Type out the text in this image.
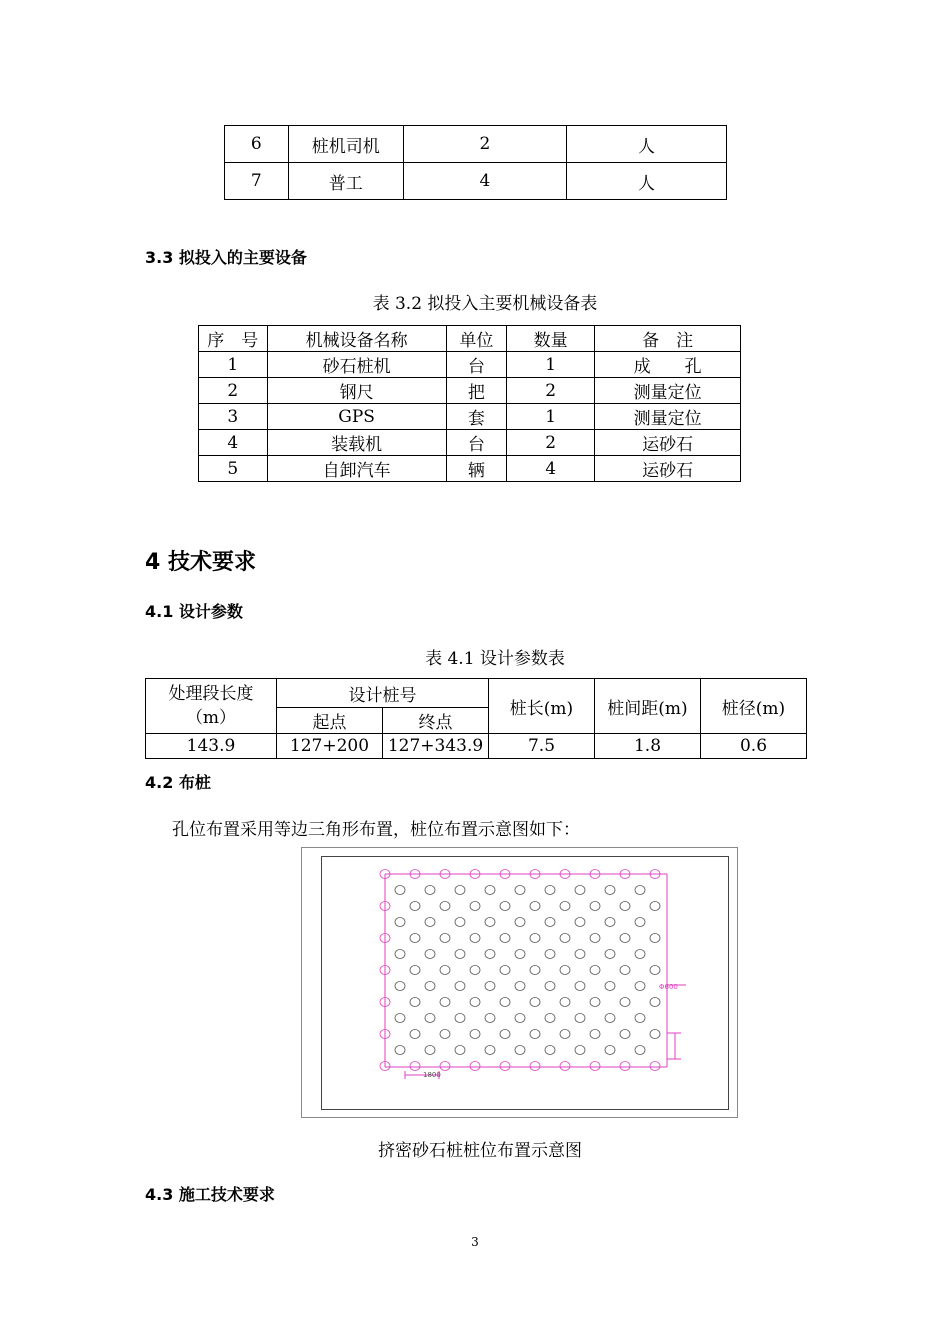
6	桩机司机	2	人
7	普工	4	人
3.3 拟投入的主要设备
表 3.2 拟投入主要机械设备表
序　号	机械设备名称	单位	数量	备　注
1	砂石桩机	台	1	成　　孔
2	钢尺	把	2	测量定位
3	GPS	套	1	测量定位
4	装载机	台	2	运砂石
5	自卸汽车	辆	4	运砂石
4 技术要求
4.1 设计参数
表 4.1 设计参数表
处理段长度
（m）	设计桩号		桩长(m)	桩间距(m)	桩径(m)
	起点	终点			
143.9	127+200	127+343.9	7.5	1.8	0.6
4.2 布桩
孔位布置采用等边三角形布置，桩位布置示意图如下：
1800
Φ600
挤密砂石桩桩位布置示意图
4.3 施工技术要求
3
